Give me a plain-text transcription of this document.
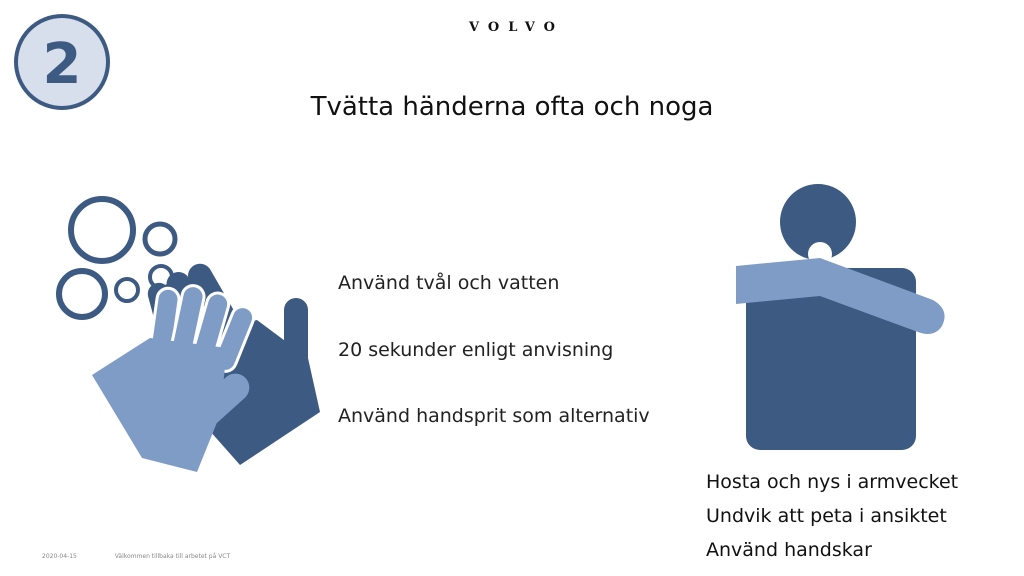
2
VOLVO
Tvätta händerna ofta och noga
Använd tvål och vatten
20 sekunder enligt anvisning
Använd handsprit som alternativ
Hosta och nys i armvecket
Undvik att peta i ansiktet
Använd handskar
2020-04-15	Välkommen tillbaka till arbetet på VCT
